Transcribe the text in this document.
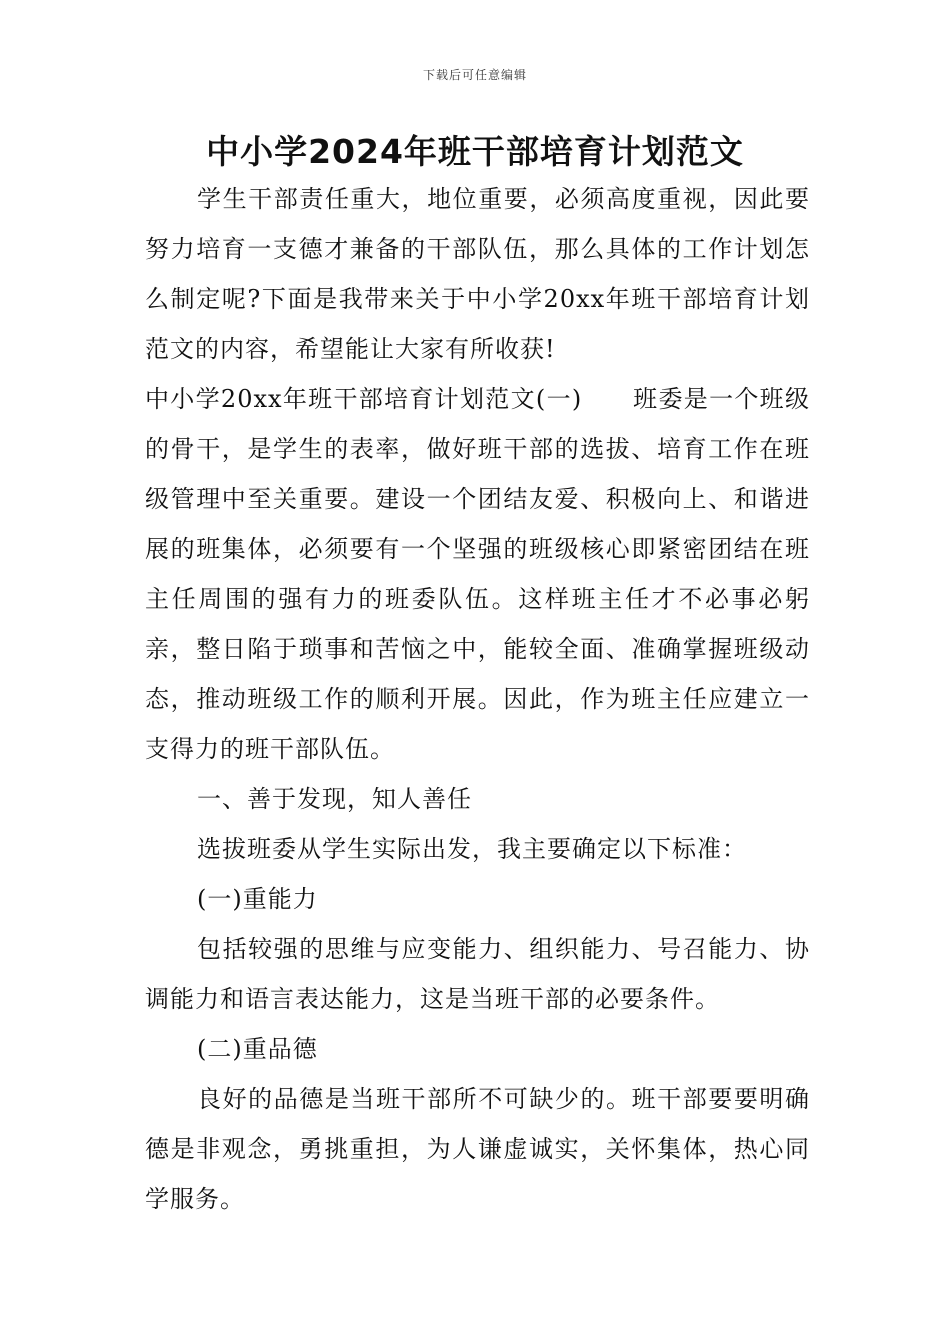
下载后可任意编辑
中小学2024年班干部培育计划范文

学生干部责任重大，地位重要，必须高度重视，因此要努力培育一支德才兼备的干部队伍，那么具体的工作计划怎么制定呢?下面是我带来关于中小学20xx年班干部培育计划范文的内容，希望能让大家有所收获!

中小学20xx年班干部培育计划范文(一)　　班委是一个班级的骨干，是学生的表率，做好班干部的选拔、培育工作在班级管理中至关重要。建设一个团结友爱、积极向上、和谐进展的班集体，必须要有一个坚强的班级核心即紧密团结在班主任周围的强有力的班委队伍。这样班主任才不必事必躬亲，整日陷于琐事和苦恼之中，能较全面、准确掌握班级动态，推动班级工作的顺利开展。因此，作为班主任应建立一支得力的班干部队伍。

一、善于发现，知人善任

选拔班委从学生实际出发，我主要确定以下标准：

(一)重能力

包括较强的思维与应变能力、组织能力、号召能力、协调能力和语言表达能力，这是当班干部的必要条件。

(二)重品德

良好的品德是当班干部所不可缺少的。班干部要要明确德是非观念，勇挑重担，为人谦虚诚实，关怀集体，热心同学服务。
